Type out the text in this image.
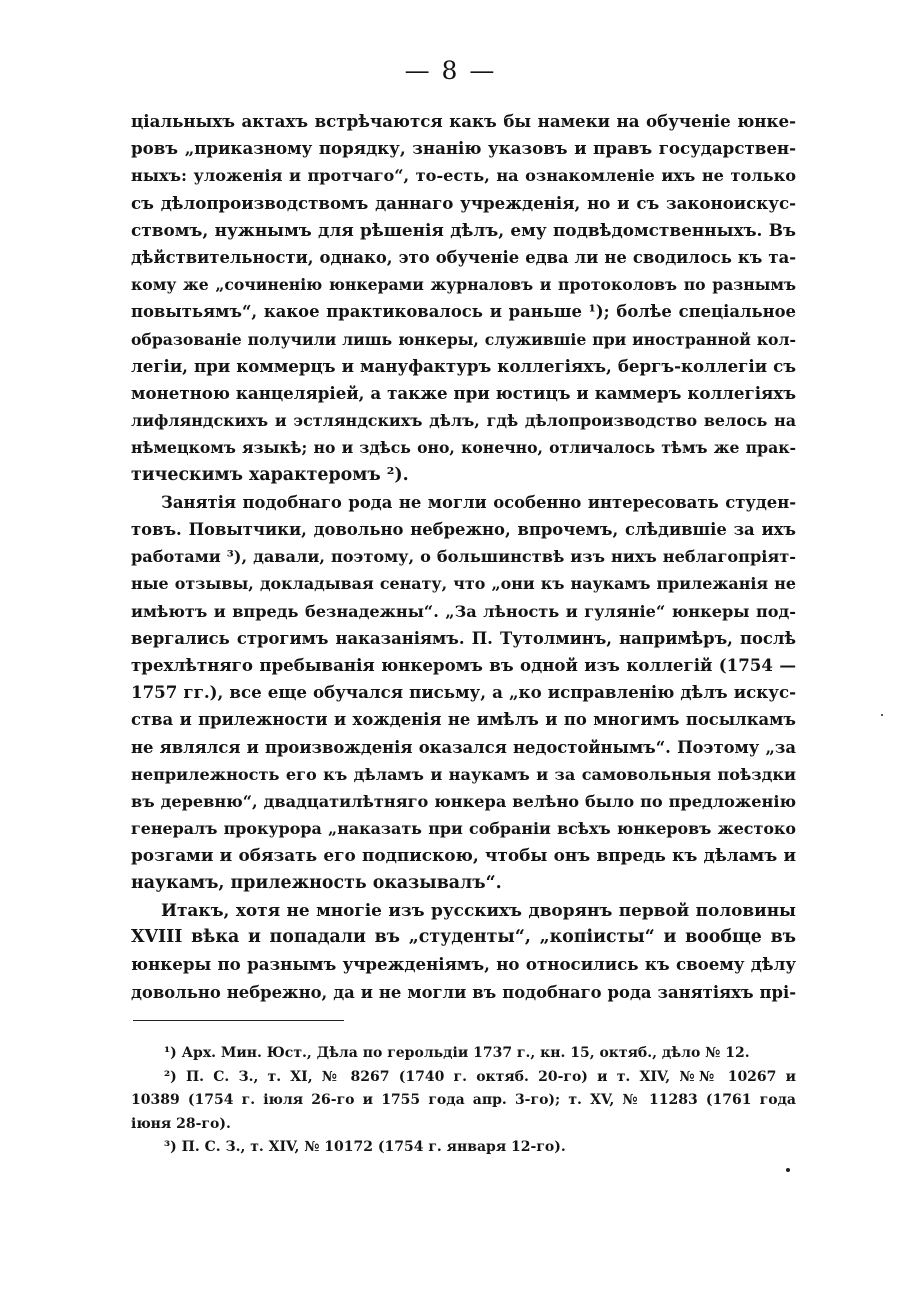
— 8 —

ціальныхъ актахъ встрѣчаются какъ бы намеки на обученіе юнке-
ровъ „приказному порядку, знанію указовъ и правъ государствен-
ныхъ: уложенія и протчаго“, то-есть, на ознакомленіе ихъ не только
съ дѣлопроизводствомъ даннаго учрежденія, но и съ законоискус-
ствомъ, нужнымъ для рѣшенія дѣлъ, ему подвѣдомственныхъ. Въ
дѣйствительности, однако, это обученіе едва ли не сводилось къ та-
кому же „сочиненію юнкерами журналовъ и протоколовъ по разнымъ
повытьямъ“, какое практиковалось и раньше ¹); болѣе спеціальное
образованіе получили лишь юнкеры, служившіе при иностранной кол-
легіи, при коммерцъ и мануфактуръ коллегіяхъ, бергъ-коллегіи съ
монетною канцеляріей, а также при юстицъ и каммеръ коллегіяхъ
лифляндскихъ и эстляндскихъ дѣлъ, гдѣ дѣлопроизводство велось на
нѣмецкомъ языкѣ; но и здѣсь оно, конечно, отличалось тѣмъ же прак-
тическимъ характеромъ ²).

Занятія подобнаго рода не могли особенно интересовать студен-
товъ. Повытчики, довольно небрежно, впрочемъ, слѣдившіе за ихъ
работами ³), давали, поэтому, о большинствѣ изъ нихъ неблагопріят-
ные отзывы, докладывая сенату, что „они къ наукамъ прилежанія не
имѣютъ и впредь безнадежны“. „За лѣность и гуляніе“ юнкеры под-
вергались строгимъ наказаніямъ. П. Тутолминъ, напримѣръ, послѣ
трехлѣтняго пребыванія юнкеромъ въ одной изъ коллегій (1754 —
1757 гг.), все еще обучался письму, а „ко исправленію дѣлъ искус-
ства и прилежности и хожденія не имѣлъ и по многимъ посылкамъ
не являлся и произвожденія оказался недостойнымъ“. Поэтому „за
неприлежность его къ дѣламъ и наукамъ и за самовольныя поѣздки
въ деревню“, двадцатилѣтняго юнкера велѣно было по предложенію
генералъ прокурора „наказать при собраніи всѣхъ юнкеровъ жестоко
розгами и обязать его подпискою, чтобы онъ впредь къ дѣламъ и
наукамъ, прилежность оказывалъ“.

Итакъ, хотя не многіе изъ русскихъ дворянъ первой половины
XVIII вѣка и попадали въ „студенты“, „копіисты“ и вообще въ
юнкеры по разнымъ учрежденіямъ, но относились къ своему дѣлу
довольно небрежно, да и не могли въ подобнаго рода занятіяхъ прі-

¹) Арх. Мин. Юст., Дѣла по герольдіи 1737 г., кн. 15, октяб., дѣло № 12.
²) П. С. З., т. XI, № 8267 (1740 г. октяб. 20-го) и т. XIV, №№ 10267 и
10389 (1754 г. іюля 26-го и 1755 года апр. 3-го); т. XV, № 11283 (1761 года
іюня 28-го).
³) П. С. З., т. XIV, № 10172 (1754 г. января 12-го).
